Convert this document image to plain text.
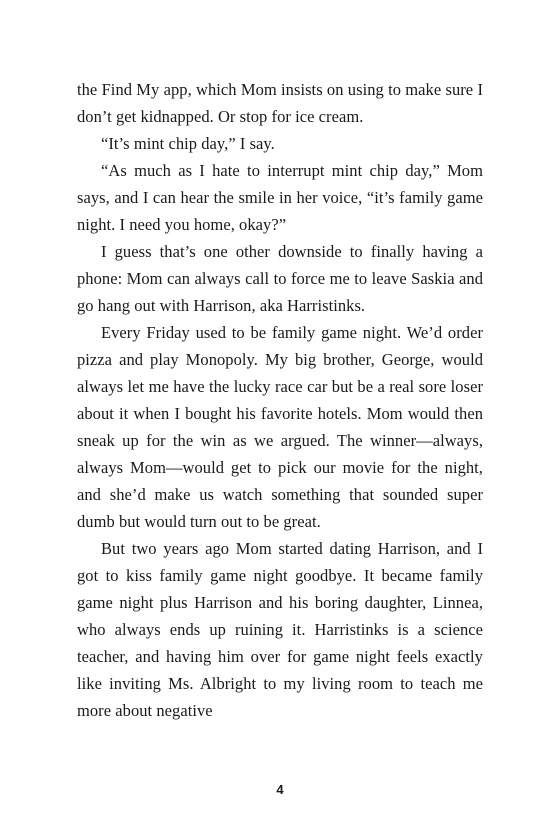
the Find My app, which Mom insists on using to make sure I don’t get kidnapped. Or stop for ice cream.

“It’s mint chip day,” I say.

“As much as I hate to interrupt mint chip day,” Mom says, and I can hear the smile in her voice, “it’s family game night. I need you home, okay?”

I guess that’s one other downside to finally having a phone: Mom can always call to force me to leave Saskia and go hang out with Harrison, aka Harristinks.

Every Friday used to be family game night. We’d order pizza and play Monopoly. My big brother, George, would always let me have the lucky race car but be a real sore loser about it when I bought his favorite hotels. Mom would then sneak up for the win as we argued. The winner—always, always Mom—would get to pick our movie for the night, and she’d make us watch something that sounded super dumb but would turn out to be great.

But two years ago Mom started dating Harrison, and I got to kiss family game night goodbye. It became family game night plus Harrison and his boring daughter, Linnea, who always ends up ruining it. Harristinks is a science teacher, and having him over for game night feels exactly like inviting Ms. Albright to my living room to teach me more about negative

4
